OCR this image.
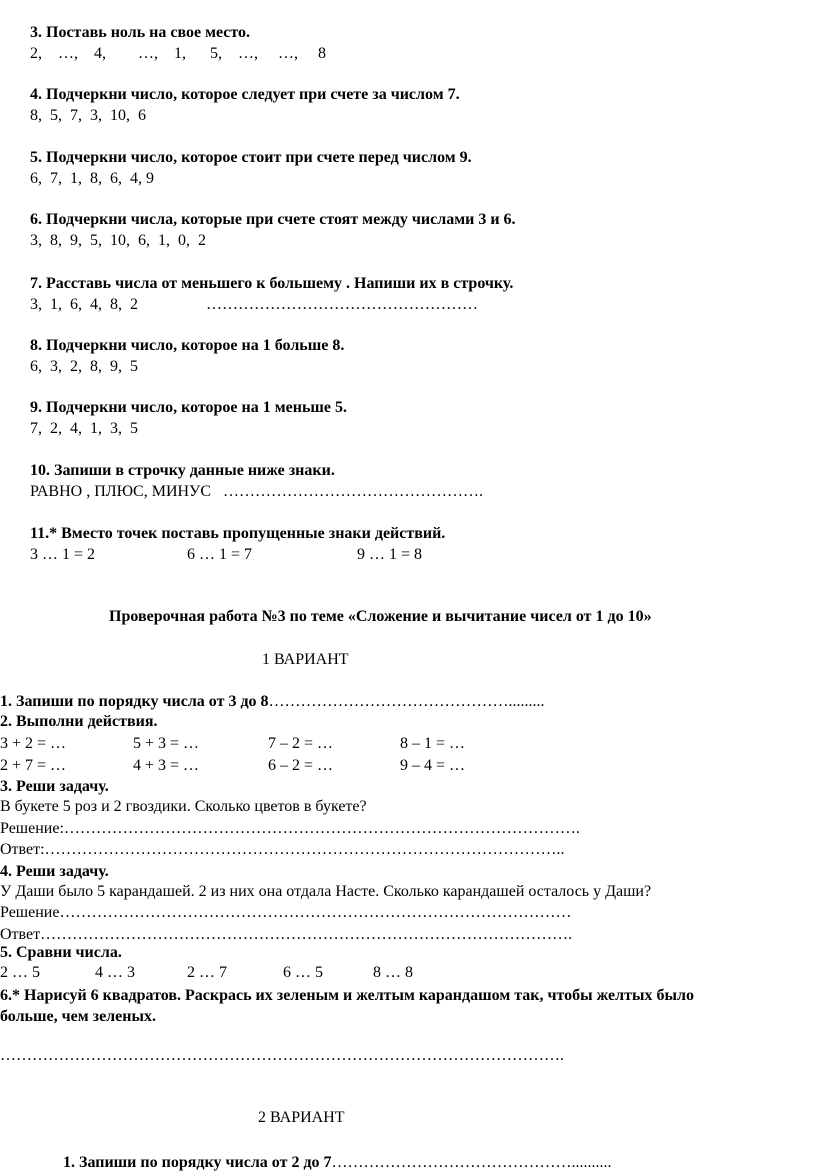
3. Поставь ноль на свое место.
2,    …,    4,        …,    1,      5,    …,     …,     8
4. Подчеркни число, которое следует при счете за числом 7.
8,  5,  7,  3,  10,  6
5. Подчеркни число, которое стоит при счете перед числом 9.
6,  7,  1,  8,  6,  4, 9
6. Подчеркни числа, которые при счете стоят между числами 3 и 6.
3,  8,  9,  5,  10,  6,  1,  0,  2
7. Расставь числа от меньшего к большему . Напиши их в строчку.
3,  1,  6,  4,  8,  2                 ……………………………………………
8. Подчеркни число, которое на 1 больше 8.
6,  3,  2,  8,  9,  5
9. Подчеркни число, которое на 1 меньше 5.
7,  2,  4,  1,  3,  5
10. Запиши в строчку данные ниже знаки.
РАВНО , ПЛЮС, МИНУС   ………………………………………….
11.* Вместо точек поставь пропущенные знаки действий.
3 … 1 = 2	6 … 1 = 7	9 … 1 = 8
Проверочная работа №3 по теме «Сложение и вычитание чисел от 1 до 10»
1 ВАРИАНТ
1. Запиши по порядку числа от 3 до 8……………………………………….........
2. Выполни действия.
3 + 2 = …	5 + 3 = …	7 – 2 = …	8 – 1 = …
2 + 7 = …	4 + 3 = …	6 – 2 = …	9 – 4 = …
3. Реши задачу.
В букете 5 роз и 2 гвоздики. Сколько цветов в букете?
Решение:…………………………………………………………………………………….
Ответ:……………………………………………………………………………………..
4. Реши задачу.
У Даши было 5 карандашей. 2 из них она отдала Насте. Сколько карандашей осталось у Даши?
Решение……………………………………………………………………………………
Ответ……………………………………………………………………………………….
5. Сравни числа.
2 … 5	4 … 3	2 … 7	6 … 5	8 … 8
6.* Нарисуй 6 квадратов. Раскрась их зеленым и желтым карандашом так, чтобы желтых было
больше, чем зеленых.
…………………………………………………………………………………………….
2 ВАРИАНТ
1. Запиши по порядку числа от 2 до 7………………………………………..........
